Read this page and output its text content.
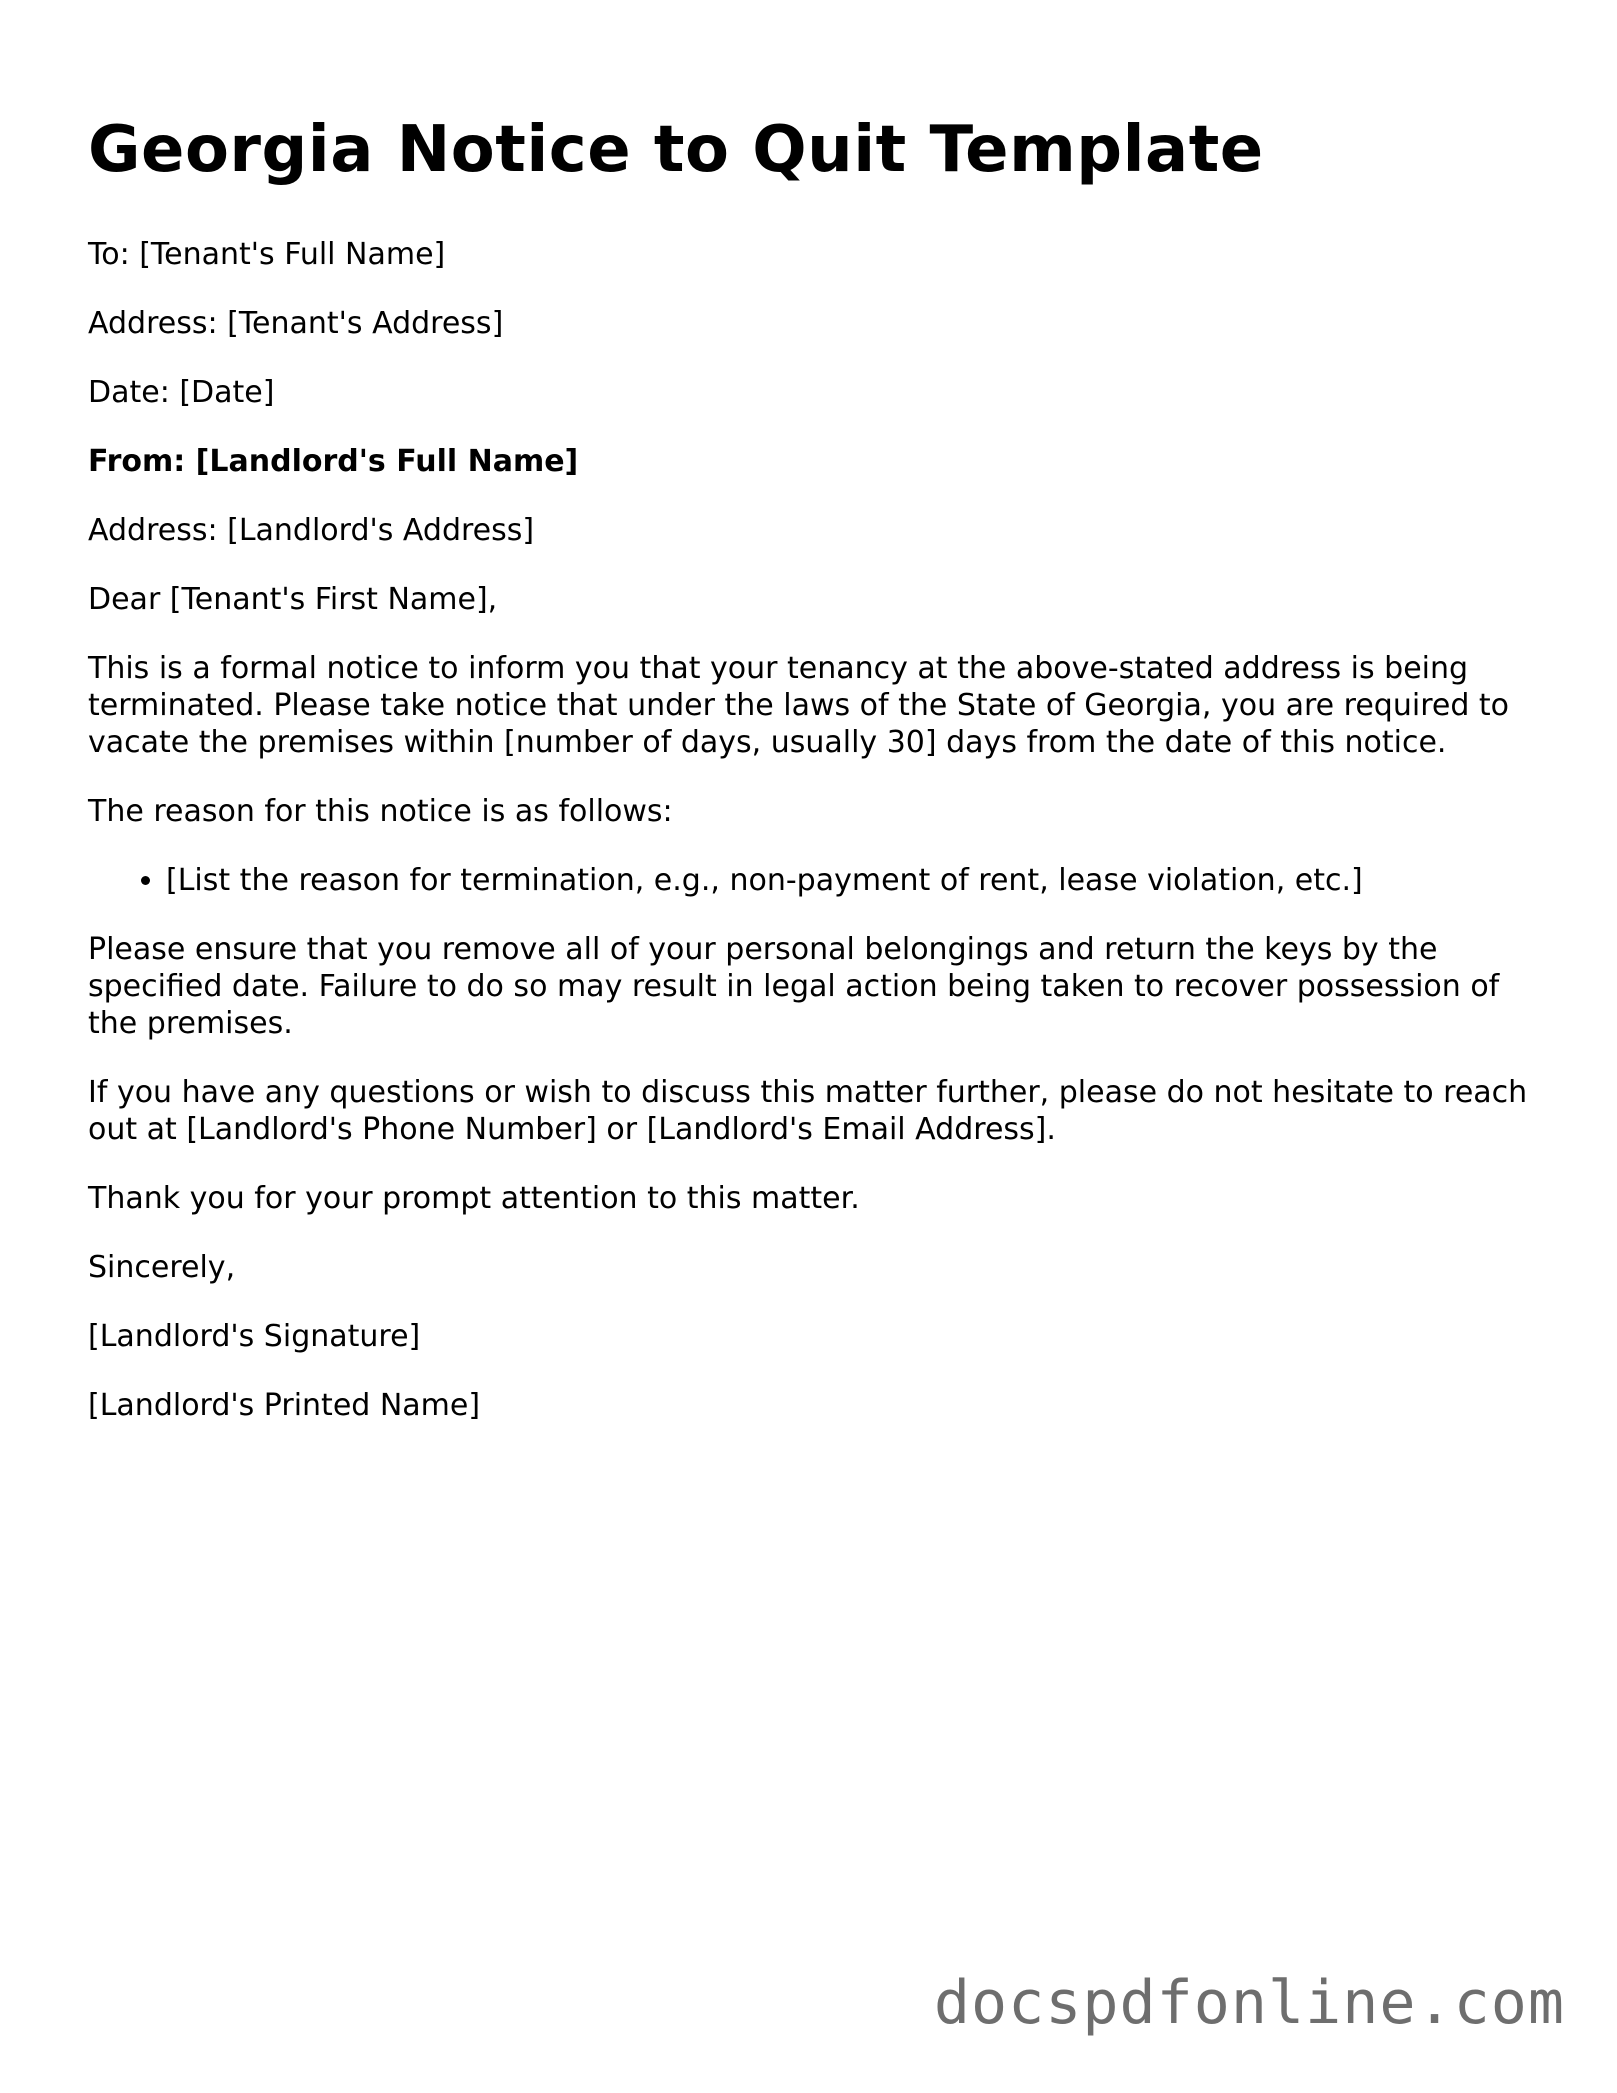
Georgia Notice to Quit Template

To: [Tenant's Full Name]

Address: [Tenant's Address]

Date: [Date]

From: [Landlord's Full Name]

Address: [Landlord's Address]

Dear [Tenant's First Name],

This is a formal notice to inform you that your tenancy at the above-stated address is being terminated. Please take notice that under the laws of the State of Georgia, you are required to vacate the premises within [number of days, usually 30] days from the date of this notice.

The reason for this notice is as follows:

• [List the reason for termination, e.g., non-payment of rent, lease violation, etc.]

Please ensure that you remove all of your personal belongings and return the keys by the specified date. Failure to do so may result in legal action being taken to recover possession of the premises.

If you have any questions or wish to discuss this matter further, please do not hesitate to reach out at [Landlord's Phone Number] or [Landlord's Email Address].

Thank you for your prompt attention to this matter.

Sincerely,

[Landlord's Signature]

[Landlord's Printed Name]

docspdfonline.com
